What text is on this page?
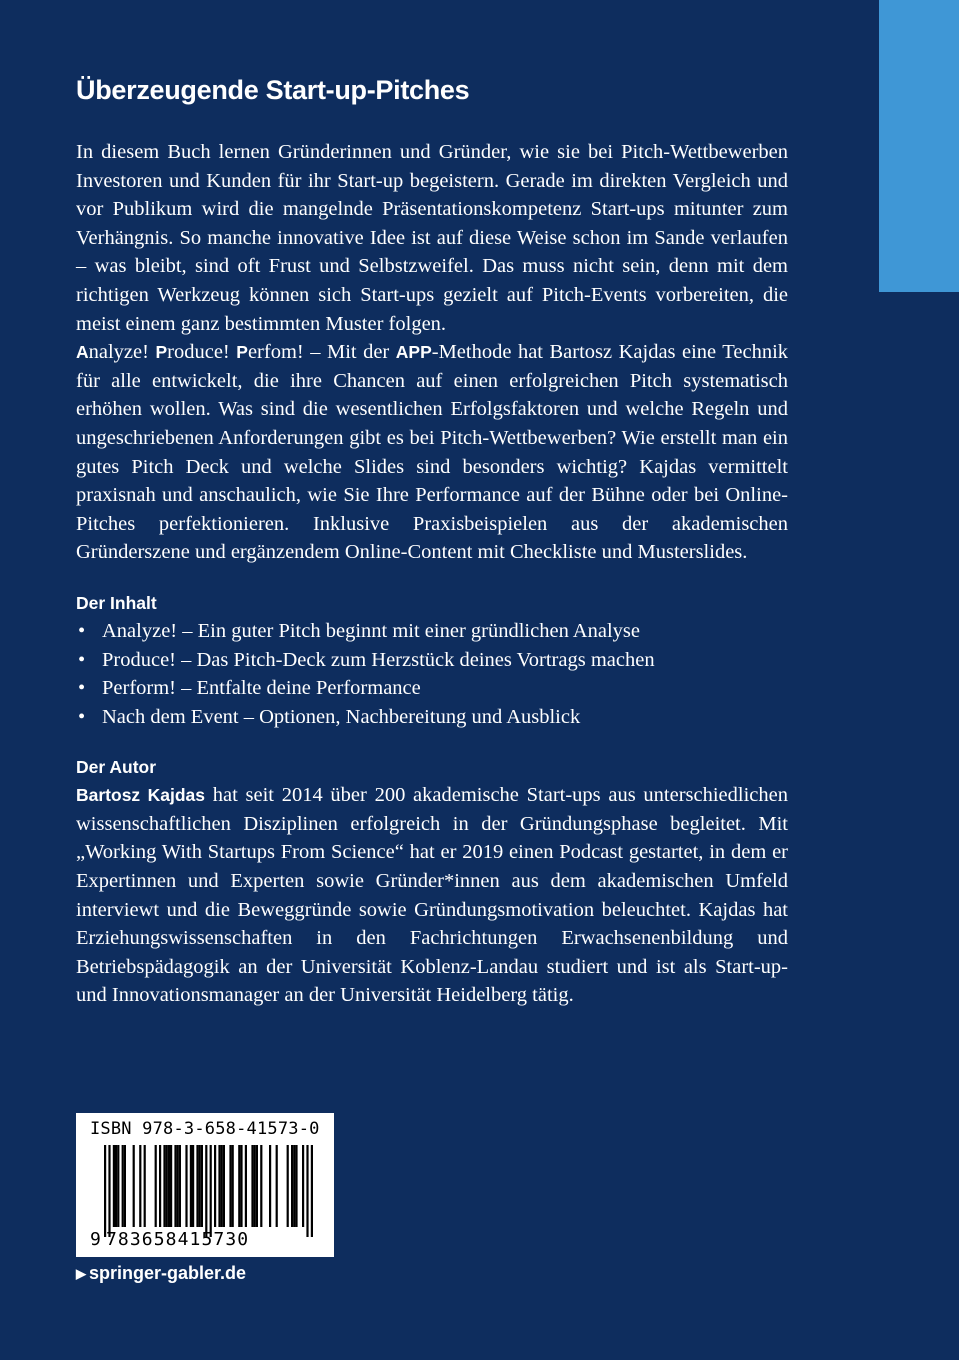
Überzeugende Start-up-Pitches

In diesem Buch lernen Gründerinnen und Gründer, wie sie bei Pitch-Wettbewerben Investoren und Kunden für ihr Start-up begeistern. Gerade im direkten Vergleich und vor Publikum wird die mangelnde Präsentationskompetenz Start-ups mitunter zum Verhängnis. So manche innovative Idee ist auf diese Weise schon im Sande verlaufen – was bleibt, sind oft Frust und Selbstzweifel. Das muss nicht sein, denn mit dem richtigen Werkzeug können sich Start-ups gezielt auf Pitch-Events vorbereiten, die meist einem ganz bestimmten Muster folgen.

Analyze! Produce! Perfom! – Mit der APP-Methode hat Bartosz Kajdas eine Technik für alle entwickelt, die ihre Chancen auf einen erfolgreichen Pitch systematisch erhöhen wollen. Was sind die wesentlichen Erfolgsfaktoren und welche Regeln und ungeschriebenen Anforderungen gibt es bei Pitch-Wettbewerben? Wie erstellt man ein gutes Pitch Deck und welche Slides sind besonders wichtig? Kajdas vermittelt praxisnah und anschaulich, wie Sie Ihre Performance auf der Bühne oder bei Online-Pitches perfektionieren. Inklusive Praxisbeispielen aus der akademischen Gründerszene und ergänzendem Online-Content mit Checkliste und Musterslides.

Der Inhalt
• Analyze! – Ein guter Pitch beginnt mit einer gründlichen Analyse
• Produce! – Das Pitch-Deck zum Herzstück deines Vortrags machen
• Perform! – Entfalte deine Performance
• Nach dem Event – Optionen, Nachbereitung und Ausblick
Der Autor
Bartosz Kajdas hat seit 2014 über 200 akademische Start-ups aus unterschiedlichen wissenschaftlichen Disziplinen erfolgreich in der Gründungsphase begleitet. Mit „Working With Startups From Science“ hat er 2019 einen Podcast gestartet, in dem er Expertinnen und Experten sowie Gründer*innen aus dem akademischen Umfeld interviewt und die Beweggründe sowie Gründungsmotivation beleuchtet. Kajdas hat Erziehungswissenschaften in den Fachrichtungen Erwachsenenbildung und Betriebspädagogik an der Universität Koblenz-Landau studiert und ist als Start-up- und Innovationsmanager an der Universität Heidelberg tätig.
ISBN 978-3-658-41573-0
9 783658415730
▶ springer-gabler.de
